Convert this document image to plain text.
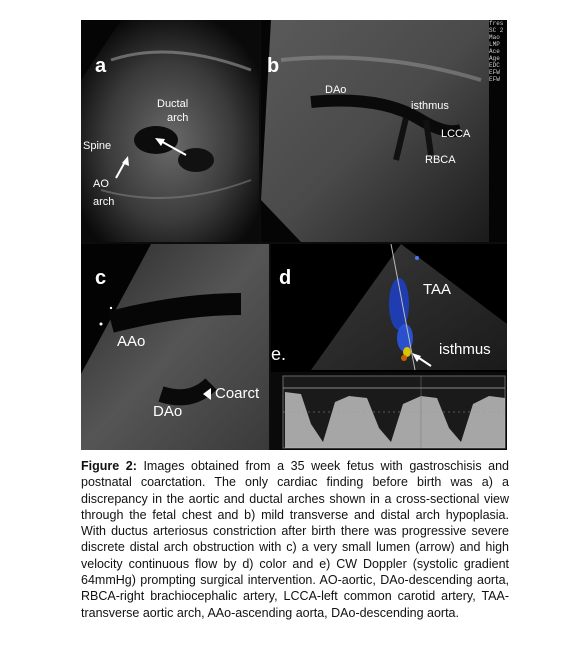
a
Ductal
arch
Spine
AO
arch
b
DAo
isthmus
LCCA
RBCA
fres
SC 2
Mao
LMP
Ace
Age
EDC
EFW
EFW
c
AAo
DAo
Coarct
d
TAA
isthmus
e.
Figure 2: Images obtained from a 35 week fetus with gastroschisis and postnatal coarctation. The only cardiac finding before birth was a) a discrepancy in the aortic and ductal arches shown in a cross-sectional view through the fetal chest and b) mild transverse and distal arch hypoplasia. With ductus arteriosus constriction after birth there was progressive severe discrete distal arch obstruction with c) a very small lumen (arrow) and high velocity continuous flow by d) color and e) CW Doppler (systolic gradient 64mmHg) prompting surgical intervention. AO-aortic, DAo-descending aorta, RBCA-right brachiocephalic artery, LCCA-left common carotid artery, TAA-transverse aortic arch, AAo-ascending aorta, DAo-descending aorta.
